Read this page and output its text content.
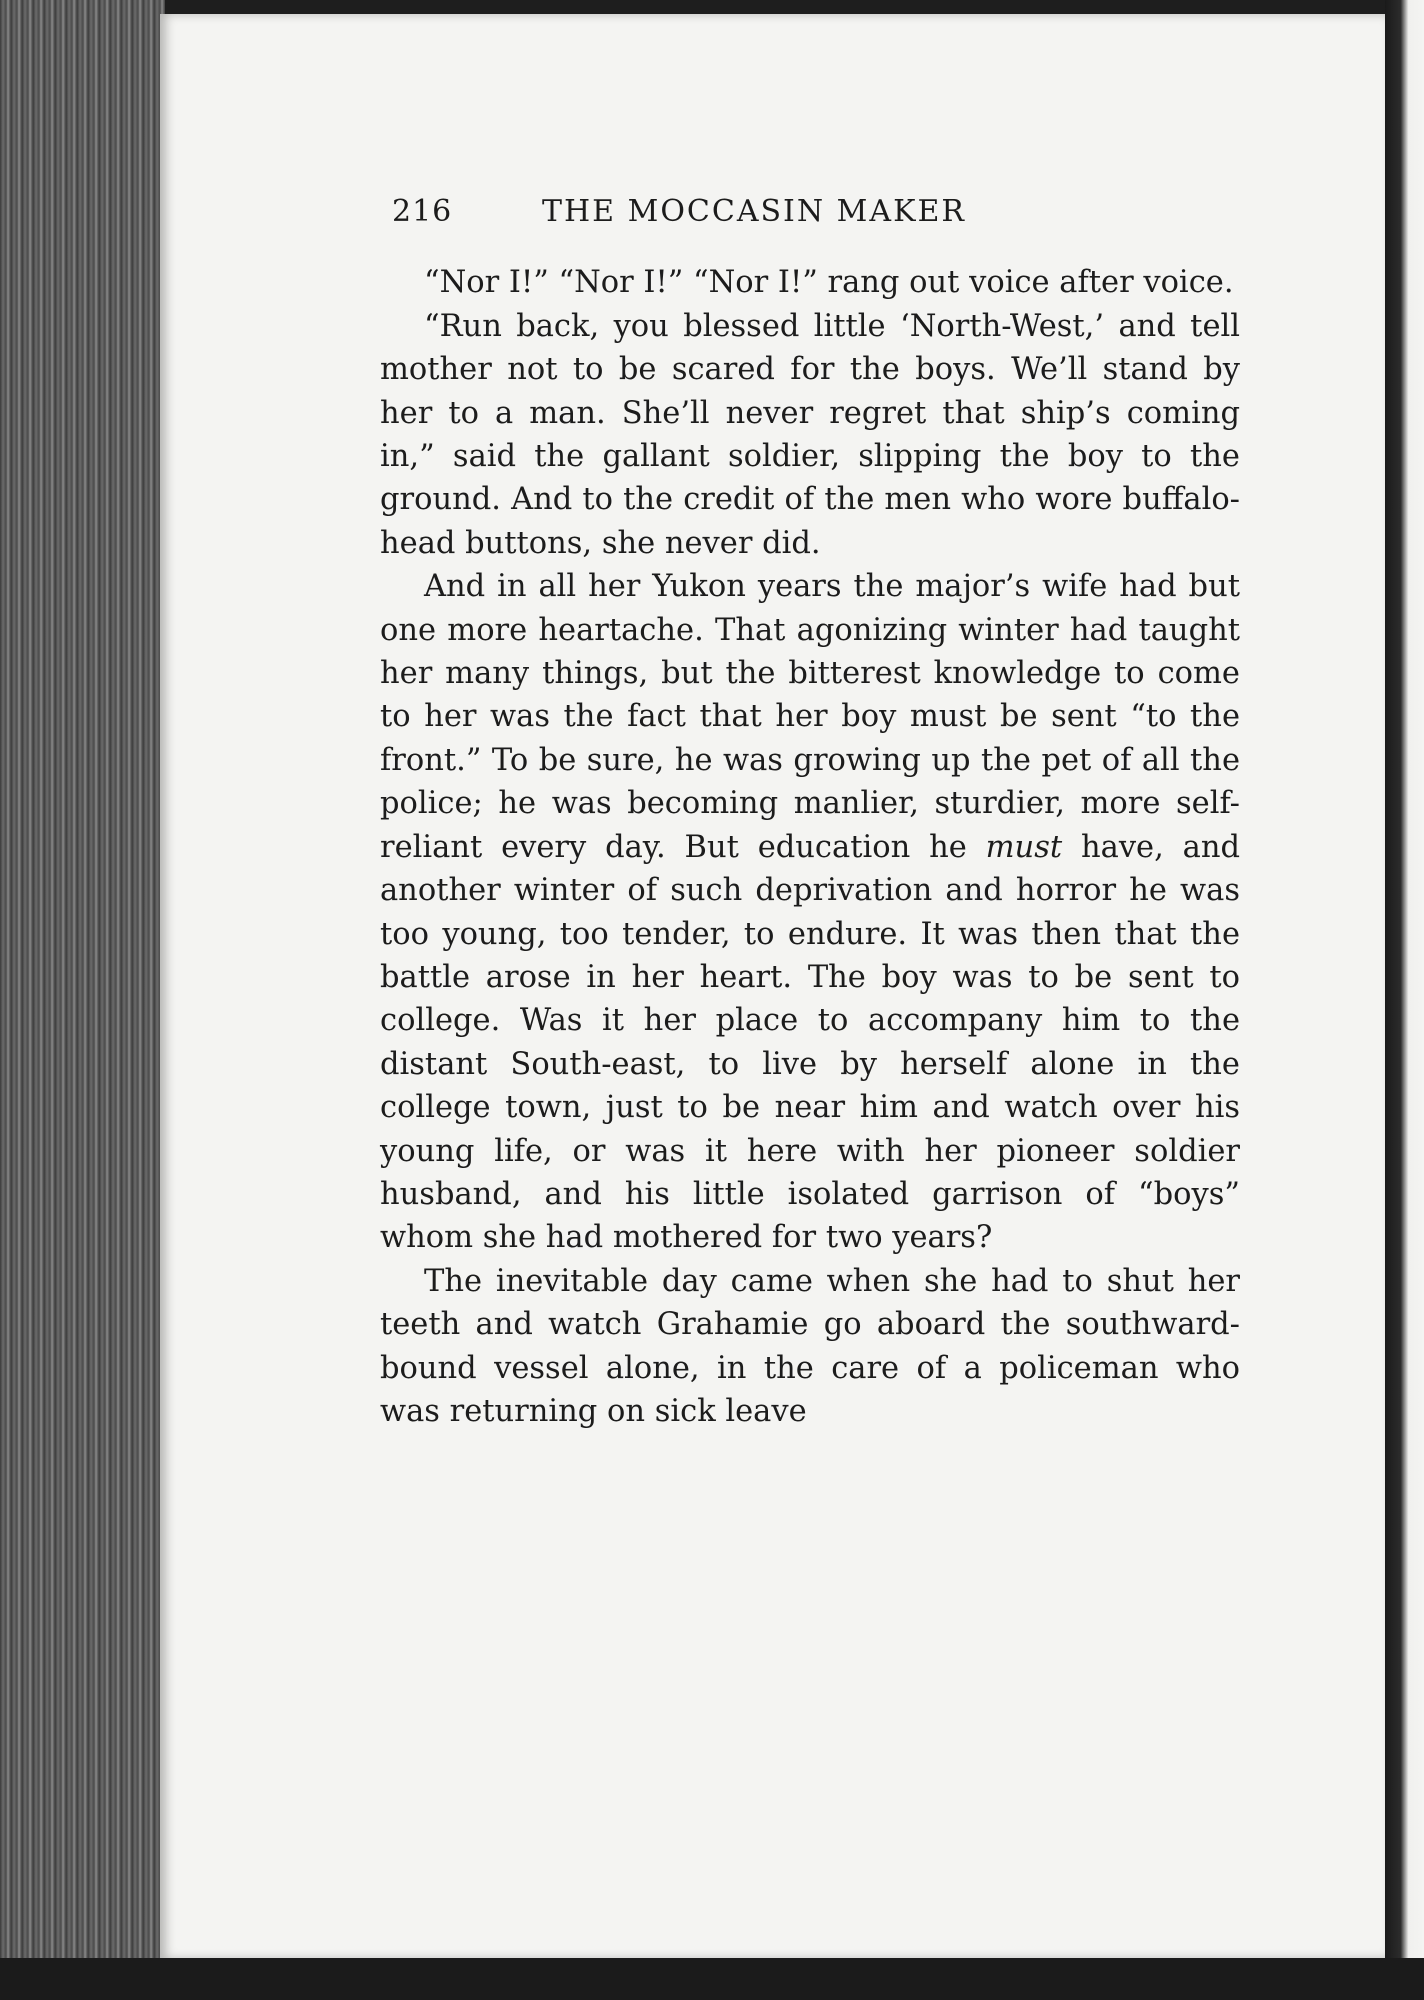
216	THE MOCCASIN MAKER

“Nor I!” “Nor I!” “Nor I!” rang out voice after voice.

“Run back, you blessed little ‘North-West,’ and tell mother not to be scared for the boys. We’ll stand by her to a man. She’ll never regret that ship’s coming in,” said the gallant soldier, slipping the boy to the ground. And to the credit of the men who wore buffalo-head buttons, she never did.

And in all her Yukon years the major’s wife had but one more heartache. That agonizing winter had taught her many things, but the bitterest knowledge to come to her was the fact that her boy must be sent “to the front.” To be sure, he was growing up the pet of all the police; he was becoming manlier, sturdier, more self-reliant every day. But education he must have, and another winter of such deprivation and horror he was too young, too tender, to endure. It was then that the battle arose in her heart. The boy was to be sent to college. Was it her place to accompany him to the distant South-east, to live by herself alone in the college town, just to be near him and watch over his young life, or was it here with her pioneer soldier husband, and his little isolated garrison of “boys” whom she had mothered for two years?

The inevitable day came when she had to shut her teeth and watch Grahamie go aboard the southward-bound vessel alone, in the care of a policeman who was returning on sick leave
